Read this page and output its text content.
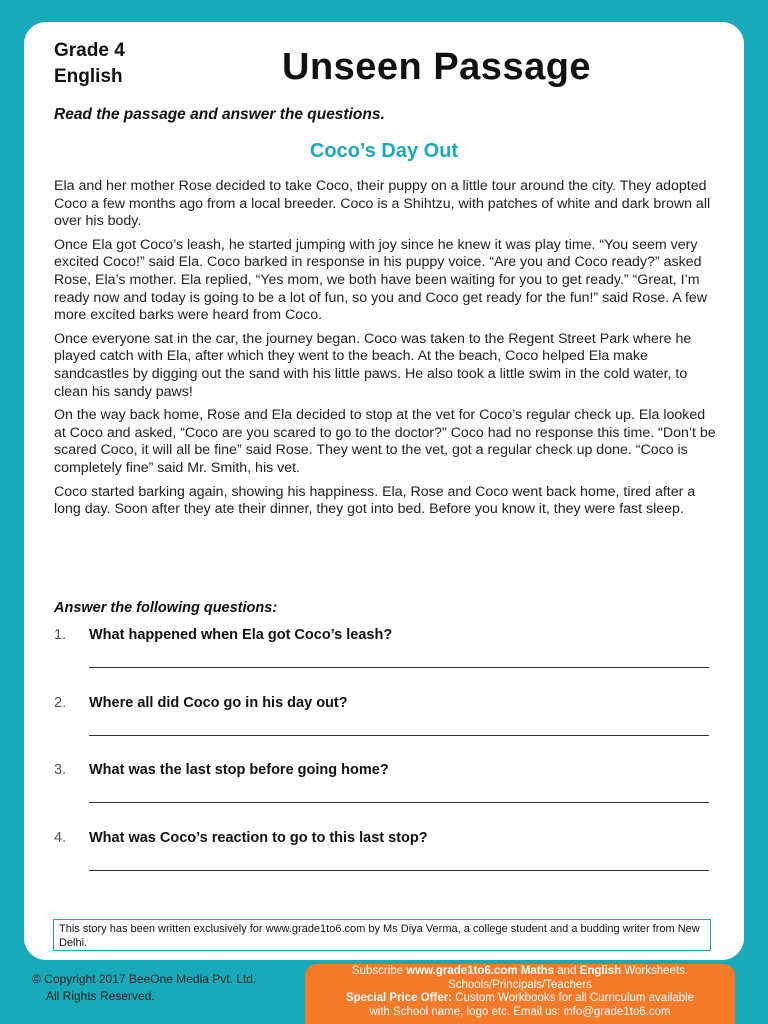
Grade 4
English	Unseen Passage
Read the passage and answer the questions.
Coco’s Day Out

Ela and her mother Rose decided to take Coco, their puppy on a little tour around the city. They adopted Coco a few months ago from a local breeder. Coco is a Shihtzu, with patches of white and dark brown all over his body.

Once Ela got Coco’s leash, he started jumping with joy since he knew it was play time. “You seem very excited Coco!” said Ela. Coco barked in response in his puppy voice. “Are you and Coco ready?” asked Rose, Ela’s mother. Ela replied, “Yes mom, we both have been waiting for you to get ready.” “Great, I’m ready now and today is going to be a lot of fun, so you and Coco get ready for the fun!” said Rose. A few more excited barks were heard from Coco.

Once everyone sat in the car, the journey began. Coco was taken to the Regent Street Park where he played catch with Ela, after which they went to the beach. At the beach, Coco helped Ela make sandcastles by digging out the sand with his little paws. He also took a little swim in the cold water, to clean his sandy paws!

On the way back home, Rose and Ela decided to stop at the vet for Coco’s regular check up. Ela looked at Coco and asked, “Coco are you scared to go to the doctor?” Coco had no response this time. “Don’t be scared Coco, it will all be fine” said Rose. They went to the vet, got a regular check up done. “Coco is completely fine” said Mr. Smith, his vet.

Coco started barking again, showing his happiness. Ela, Rose and Coco went back home, tired after a long day. Soon after they ate their dinner, they got into bed. Before you know it, they were fast sleep.

Answer the following questions:
1. What happened when Ela got Coco’s leash?
2. Where all did Coco go in his day out?
3. What was the last stop before going home?
4. What was Coco’s reaction to go to this last stop?
This story has been written exclusively for www.grade1to6.com by Ms Diya Verma, a college student and a budding writer from New Delhi.
© Copyright 2017 BeeOne Media Pvt. Ltd.
All Rights Reserved.
Subscribe www.grade1to6.com Maths and English Worksheets.
Schools/Principals/Teachers
Special Price Offer: Custom Workbooks for all Curriculum available
with School name, logo etc. Email us: info@grade1to6.com
